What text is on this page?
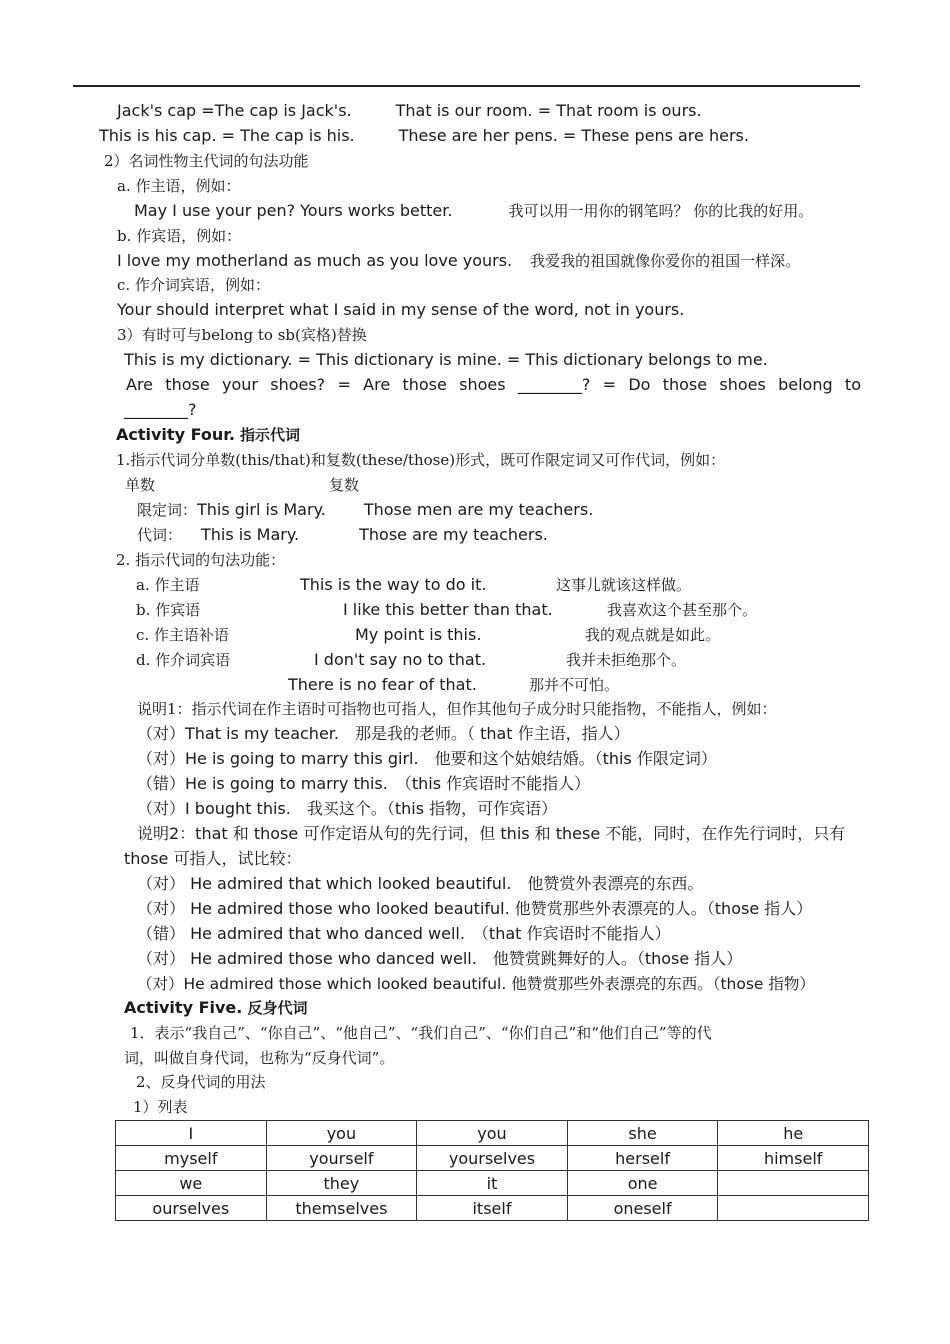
Jack's cap =The cap is Jack's.	That is our room. = That room is ours.
This is his cap. = The cap is his.	These are her pens. = These pens are hers.
2）名词性物主代词的句法功能
a. 作主语，例如：
May I use your pen? Yours works better.	我可以用一用你的钢笔吗？ 你的比我的好用。
b. 作宾语，例如：
I love my motherland as much as you love yours. 我爱我的祖国就像你爱你的祖国一样深。
c. 作介词宾语，例如：
Your should interpret what I said in my sense of the word, not in yours.
3）有时可与belong to sb(宾格)替换
This is my dictionary. = This dictionary is mine. = This dictionary belongs to me.
Are those your shoes? = Are those shoes ________? = Do those shoes belong to
________?
Activity Four. 指示代词
1.指示代词分单数(this/that)和复数(these/those)形式，既可作限定词又可作代词，例如：
单数	复数
限定词：This girl is Mary. Those men are my teachers.
代词： This is Mary.	Those are my teachers.
2. 指示代词的句法功能：
a. 作主语	This is the way to do it.	这事儿就该这样做。
b. 作宾语	I like this better than that.	我喜欢这个甚至那个。
c. 作主语补语	My point is this.	我的观点就是如此。
d. 作介词宾语	I don't say no to that.	我并未拒绝那个。
There is no fear of that.	那并不可怕。
说明1：指示代词在作主语时可指物也可指人，但作其他句子成分时只能指物，不能指人，例如：
（对）That is my teacher.　那是我的老师。（ that 作主语，指人）
（对）He is going to marry this girl.　他要和这个姑娘结婚。（this 作限定词）
（错）He is going to marry this.　（this 作宾语时不能指人）
（对）I bought this.　我买这个。（this 指物，可作宾语）
说明2：that 和 those 可作定语从句的先行词，但 this 和 these 不能，同时，在作先行词时，只有
those 可指人，试比较：
（对） He admired that which looked beautiful.　他赞赏外表漂亮的东西。
（对） He admired those who looked beautiful. 他赞赏那些外表漂亮的人。（those 指人）
（错） He admired that who danced well.　（that 作宾语时不能指人）
（对） He admired those who danced well.　他赞赏跳舞好的人。（those 指人）
（对）He admired those which looked beautiful. 他赞赏那些外表漂亮的东西。（those 指物）
Activity Five. 反身代词
1．表示“我自己”、“你自己”、“他自己”、“我们自己”、“你们自己”和“他们自己”等的代
词，叫做自身代词，也称为“反身代词”。
2、反身代词的用法
1）列表
I	you	you	she	he
myself	yourself	yourselves	herself	himself
we	they	it	one	
ourselves	themselves	itself	oneself	
